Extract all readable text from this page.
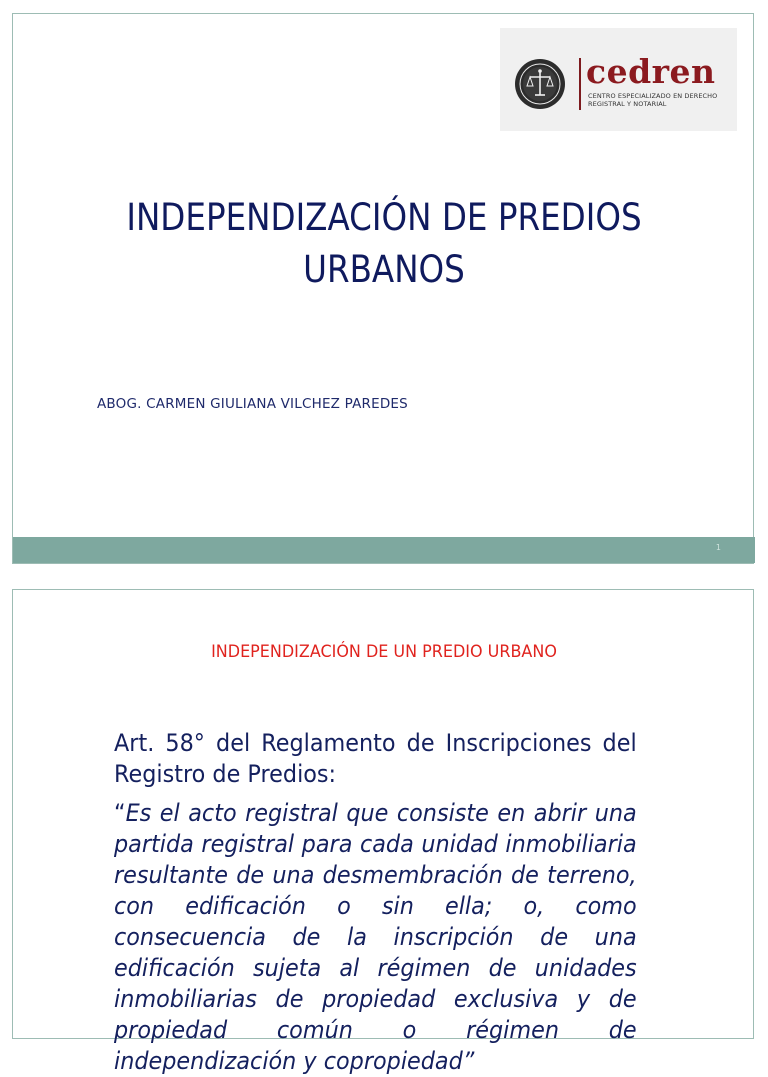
cedren
CENTRO ESPECIALIZADO EN DERECHO REGISTRAL Y NOTARIAL
INDEPENDIZACIÓN DE PREDIOS
URBANOS
ABOG. CARMEN GIULIANA VILCHEZ PAREDES
1
INDEPENDIZACIÓN DE UN PREDIO URBANO
Art. 58° del Reglamento de Inscripciones del Registro de Predios:
“Es el acto registral que consiste en abrir una partida registral para cada unidad inmobiliaria resultante de una desmembración de terreno, con edificación o sin ella; o, como consecuencia de la inscripción de una edificación sujeta al régimen de unidades inmobiliarias de propiedad exclusiva y de propiedad común o régimen de independización y copropiedad”
